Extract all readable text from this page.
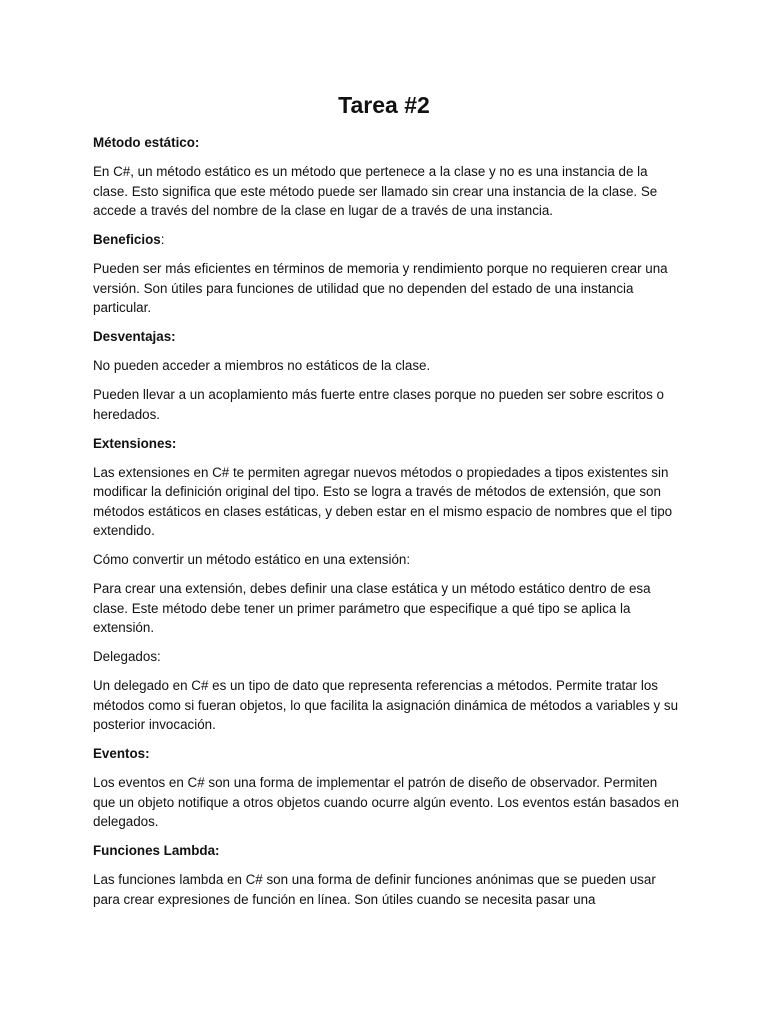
Tarea #2

Método estático:

En C#, un método estático es un método que pertenece a la clase y no es una instancia de la clase. Esto significa que este método puede ser llamado sin crear una instancia de la clase. Se accede a través del nombre de la clase en lugar de a través de una instancia.

Beneficios:

Pueden ser más eficientes en términos de memoria y rendimiento porque no requieren crear una versión. Son útiles para funciones de utilidad que no dependen del estado de una instancia particular.

Desventajas:

No pueden acceder a miembros no estáticos de la clase.

Pueden llevar a un acoplamiento más fuerte entre clases porque no pueden ser sobre escritos o heredados.

Extensiones:

Las extensiones en C# te permiten agregar nuevos métodos o propiedades a tipos existentes sin modificar la definición original del tipo. Esto se logra a través de métodos de extensión, que son métodos estáticos en clases estáticas, y deben estar en el mismo espacio de nombres que el tipo extendido.

Cómo convertir un método estático en una extensión:

Para crear una extensión, debes definir una clase estática y un método estático dentro de esa clase. Este método debe tener un primer parámetro que especifique a qué tipo se aplica la extensión.

Delegados:

Un delegado en C# es un tipo de dato que representa referencias a métodos. Permite tratar los métodos como si fueran objetos, lo que facilita la asignación dinámica de métodos a variables y su posterior invocación.

Eventos:

Los eventos en C# son una forma de implementar el patrón de diseño de observador. Permiten que un objeto notifique a otros objetos cuando ocurre algún evento. Los eventos están basados en delegados.

Funciones Lambda:

Las funciones lambda en C# son una forma de definir funciones anónimas que se pueden usar para crear expresiones de función en línea. Son útiles cuando se necesita pasar una
